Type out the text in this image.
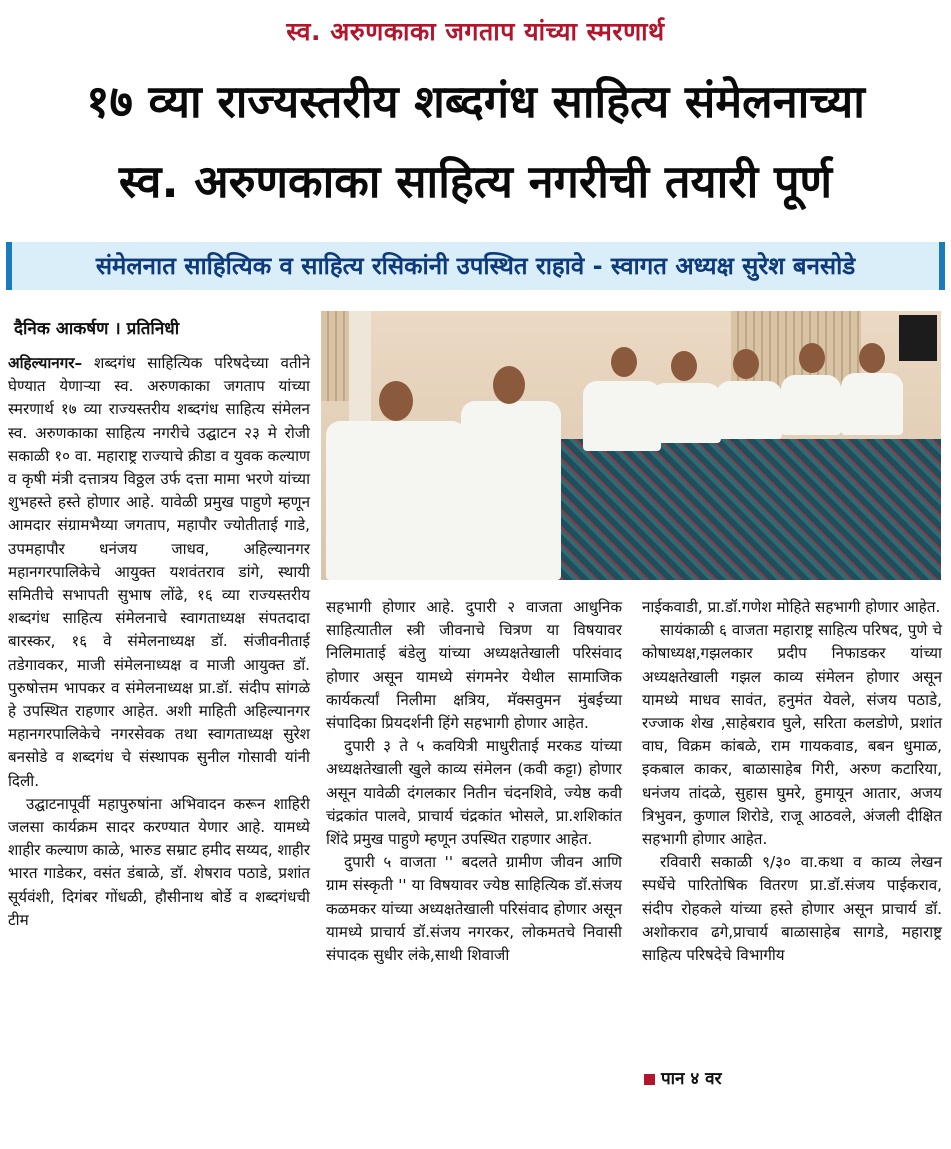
स्व. अरुणकाका जगताप यांच्या स्मरणार्थ
१७ व्या राज्यस्तरीय शब्दगंध साहित्य संमेलनाच्या
स्व. अरुणकाका साहित्य नगरीची तयारी पूर्ण
संमेलनात साहित्यिक व साहित्य रसिकांनी उपस्थित राहावे - स्वागत अध्यक्ष सुरेश बनसोडे
दैनिक आकर्षण । प्रतिनिधी

अहिल्यानगर– शब्दगंध साहित्यिक परिषदेच्या वतीने घेण्यात येणाऱ्या स्व. अरुणकाका जगताप यांच्या स्मरणार्थ १७ व्या राज्यस्तरीय शब्दगंध साहित्य संमेलन स्व. अरुणकाका साहित्य नगरीचे उद्घाटन २३ मे रोजी सकाळी १० वा. महाराष्ट्र राज्याचे क्रीडा व युवक कल्याण व कृषी मंत्री दत्तात्रय विठ्ठल उर्फ दत्ता मामा भरणे यांच्या शुभहस्ते हस्ते होणार आहे. यावेळी प्रमुख पाहुणे म्हणून आमदार संग्रामभैय्या जगताप, महापौर ज्योतीताई गाडे, उपमहापौर धनंजय जाधव, अहिल्यानगर महानगरपालिकेचे आयुक्त यशवंतराव डांगे, स्थायी समितीचे सभापती सुभाष लोंढे, १६ व्या राज्यस्तरीय शब्दगंध साहित्य संमेलनाचे स्वागताध्यक्ष संपतदादा बारस्कर, १६ वे संमेलनाध्यक्ष डॉ. संजीवनीताई तडेगावकर, माजी संमेलनाध्यक्ष व माजी आयुक्त डॉ. पुरुषोत्तम भापकर व संमेलनाध्यक्ष प्रा.डॉ. संदीप सांगळे हे उपस्थित राहणार आहेत. अशी माहिती अहिल्यानगर महानगरपालिकेचे नगरसेवक तथा स्वागताध्यक्ष सुरेश बनसोडे व शब्दगंध चे संस्थापक सुनील गोसावी यांनी दिली.

उद्घाटनापूर्वी महापुरुषांना अभिवादन करून शाहिरी जलसा कार्यक्रम सादर करण्यात येणार आहे. यामध्ये शाहीर कल्याण काळे, भारुड सम्राट हमीद सय्यद, शाहीर भारत गाडेकर, वसंत डंबाळे, डॉ. शेषराव पठाडे, प्रशांत सूर्यवंशी, दिगंबर गोंधळी, हौसीनाथ बोर्डे व शब्दगंधची टीम

सहभागी होणार आहे. दुपारी २ वाजता आधुनिक साहित्यातील स्त्री जीवनाचे चित्रण या विषयावर निलिमाताई बंडेलु यांच्या अध्यक्षतेखाली परिसंवाद होणार असून यामध्ये संगमनेर येथील सामाजिक कार्यकर्त्यां निलीमा क्षत्रिय, मॅक्सवुमन मुंबईच्या संपादिका प्रियदर्शनी हिंगे सहभागी होणार आहेत.

दुपारी ३ ते ५ कवयित्री माधुरीताई मरकड यांच्या अध्यक्षतेखाली खुले काव्य संमेलन (कवी कट्टा) होणार असून यावेळी दंगलकार नितीन चंदनशिवे, ज्येष्ठ कवी चंद्रकांत पालवे, प्राचार्य चंद्रकांत भोसले, प्रा.शशिकांत शिंदे प्रमुख पाहुणे म्हणून उपस्थित राहणार आहेत.

दुपारी ५ वाजता '' बदलते ग्रामीण जीवन आणि ग्राम संस्कृती '' या विषयावर ज्येष्ठ साहित्यिक डॉ.संजय कळमकर यांच्या अध्यक्षतेखाली परिसंवाद होणार असून यामध्ये प्राचार्य डॉ.संजय नगरकर, लोकमतचे निवासी संपादक सुधीर लंके,साथी शिवाजी

नाईकवाडी, प्रा.डॉ.गणेश मोहिते सहभागी होणार आहेत.

सायंकाळी ६ वाजता महाराष्ट्र साहित्य परिषद, पुणे चे कोषाध्यक्ष,गझलकार प्रदीप निफाडकर यांच्या अध्यक्षतेखाली गझल काव्य संमेलन होणार असून यामध्ये माधव सावंत, हनुमंत येवले, संजय पठाडे, रज्जाक शेख ,साहेबराव घुले, सरिता कलडोणे, प्रशांत वाघ, विक्रम कांबळे, राम गायकवाड, बबन धुमाळ, इकबाल काकर, बाळासाहेब गिरी, अरुण कटारिया, धनंजय तांदळे, सुहास घुमरे, हुमायून आतार, अजय त्रिभुवन, कुणाल शिरोडे, राजू आठवले, अंजली दीक्षित सहभागी होणार आहेत.

रविवारी सकाळी ९/३० वा.कथा व काव्य लेखन स्पर्धेचे पारितोषिक वितरण प्रा.डॉ.संजय पाईकराव, संदीप रोहकले यांच्या हस्ते होणार असून प्राचार्य डॉ. अशोकराव ढगे,प्राचार्य बाळासाहेब सागडे, महाराष्ट्र साहित्य परिषदेचे विभागीय

पान ४ वर
